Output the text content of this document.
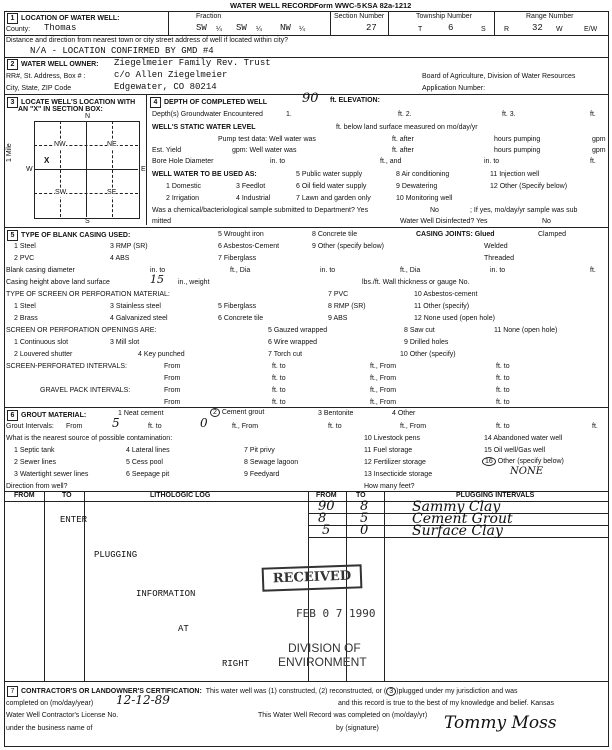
WATER WELL RECORD Form WWC-5 KSA 82a-1212
1 LOCATION OF WATER WELL:
County: Thomas
Fraction
SW ¼ SW ¼ NW ¼
Section Number
27
Township Number
T	6	S
Range Number
R	32 W	E/W
Distance and direction from nearest town or city street address of well if located within city?
N/A - LOCATION CONFIRMED BY GMD #4
2 WATER WELL OWNER: Ziegelmeier Family Rev. Trust
RR#, St. Address, Box # :	c/o Allen Ziegelmeier
City, State, ZIP Code	Edgewater, CO 80214
Board of Agriculture, Division of Water Resources
Application Number:
3 LOCATE WELL'S LOCATION WITH
AN "X" IN SECTION BOX:
N
S
W	E
1 Mile	NW	NE
SW	SE
X
4 DEPTH OF COMPLETED WELL	90 ft. ELEVATION:
Depth(s) Groundwater Encountered	1.	ft. 2.	ft. 3.	ft.
WELL'S STATIC WATER LEVEL	ft. below land surface measured on mo/day/yr
Pump test data: Well water was	ft. after	hours pumping	gpm
Est. Yield	gpm: Well water was	ft. after	hours pumping	gpm
Bore Hole Diameter	in. to	ft., and	in. to	ft.
WELL WATER TO BE USED AS:
1 Domestic	3 Feedlot
5 Public water supply	8 Air conditioning	11 Injection well
2 Irrigation	4 Industrial	7 Lawn and garden only
9 Dewatering	12 Other (Specify below)
6 Oil field water supply
10 Monitoring well
Was a chemical/bacteriological sample submitted to Department? Yes	No	; If yes, mo/day/yr sample was sub
mitted	Water Well Disinfected? Yes	No
5 TYPE OF BLANK CASING USED:
1 Steel	3 RMP (SR)
5 Wrought iron	8 Concrete tile
2 PVC	4 ABS
6 Asbestos-Cement
7 Fiberglass
9 Other (specify below)
CASING JOINTS: Glued	Clamped
Welded
Threaded
Blank casing diameter	in. to	ft., Dia	in. to	ft., Dia	in. to	ft.
Casing height above land surface	15 in., weight	lbs./ft. Wall thickness or gauge No.
TYPE OF SCREEN OR PERFORATION MATERIAL:
1 Steel	3 Stainless steel	5 Fiberglass
7 PVC	10 Asbestos-cement
2 Brass	4 Galvanized steel	6 Concrete tile
8 RMP (SR)	11 Other (specify)
9 ABS	12 None used (open hole)
SCREEN OR PERFORATION OPENINGS ARE:
1 Continuous slot	3 Mill slot
5 Gauzed wrapped	8 Saw cut	11 None (open hole)
2 Louvered shutter	4 Key punched
6 Wire wrapped	9 Drilled holes
7 Torch cut	10 Other (specify)
SCREEN-PERFORATED INTERVALS:	From	ft. to	ft., From	ft. to
From	ft. to	ft., From	ft. to
GRAVEL PACK INTERVALS:	From	ft. to	ft., From	ft. to
From	ft. to	ft., From	ft. to
6 GROUT MATERIAL:	1 Neat cement	2 Cement grout	3 Bentonite	4 Other
Grout Intervals: From 5	ft. to	0	ft., From	ft. to	ft., From	ft. to	ft.
What is the nearest source of possible contamination:
1 Septic tank	4 Lateral lines	7 Pit privy
10 Livestock pens	14 Abandoned water well
2 Sewer lines	5 Cess pool	8 Sewage lagoon
11 Fuel storage	15 Oil well/Gas well
3 Watertight sewer lines	6 Seepage pit	9 Feedyard
12 Fertilizer storage
13 Insecticide storage
16 Other (specify below)
NONE
Direction from well?	How many feet?
FROM	TO	LITHOLOGIC LOG	FROM	TO	PLUGGING INTERVALS
ENTER
PLUGGING
INFORMATION
AT
RIGHT
90 8	Sammy Clay
8	5	Cement Grout
5 0	Surface Clay
RECEIVED
FEB 0 7 1990
DIVISION OF
ENVIRONMENT
7 CONTRACTOR'S OR LANDOWNER'S CERTIFICATION: This water well was (1) constructed, (2) reconstructed, or ( 3 )plugged under my jurisdiction and was
completed on (mo/day/year) 12-12-89	and this record is true to the best of my knowledge and belief. Kansas
Water Well Contractor's License No.	This Water Well Record was completed on (mo/day/yr)
under the business name of	by (signature)	Tommy Moss
